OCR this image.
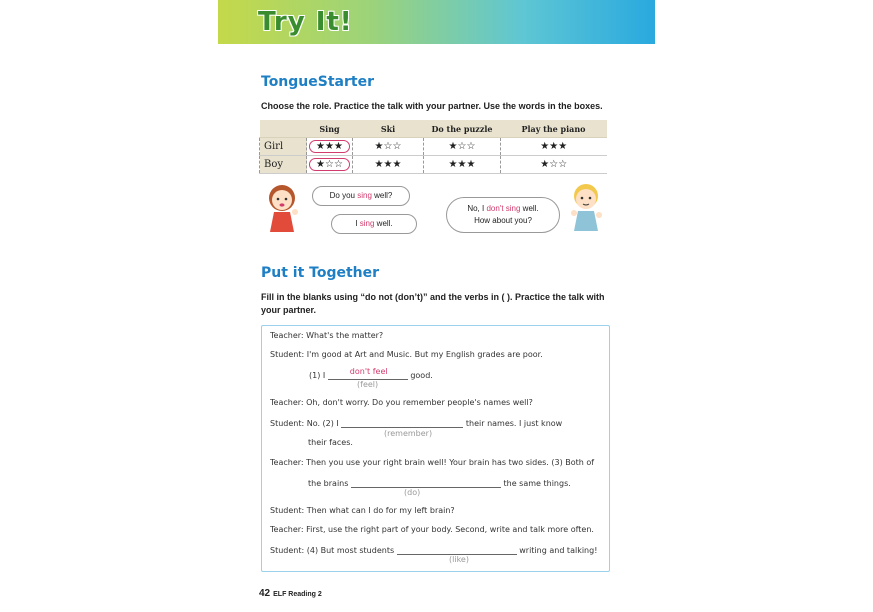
Try It!
TongueStarter
Choose the role. Practice the talk with your partner. Use the words in the boxes.
	Sing	Ski	Do the puzzle	Play the piano
Girl	★★★	★☆☆	★☆☆	★★★
Boy	★☆☆	★★★	★★★	★☆☆
Do you sing well?
I sing well.
No, I don't sing well.
How about you?
Put it Together
Fill in the blanks using “do not (don’t)” and the verbs in ( ). Practice the talk with
your partner.
Teacher: What's the matter?
Student: I'm good at Art and Music. But my English grades are poor.
(1) I	don't feel	good.
(feel)
Teacher: Oh, don't worry. Do you remember people's names well?
Student: No. (2) I	their names. I just know
(remember)
their faces.
Teacher: Then you use your right brain well! Your brain has two sides. (3) Both of
the brains	the same things.
(do)
Student: Then what can I do for my left brain?
Teacher: First, use the right part of your body. Second, write and talk more often.
Student: (4) But most students	writing and talking!
(like)
42 ELF Reading 2
